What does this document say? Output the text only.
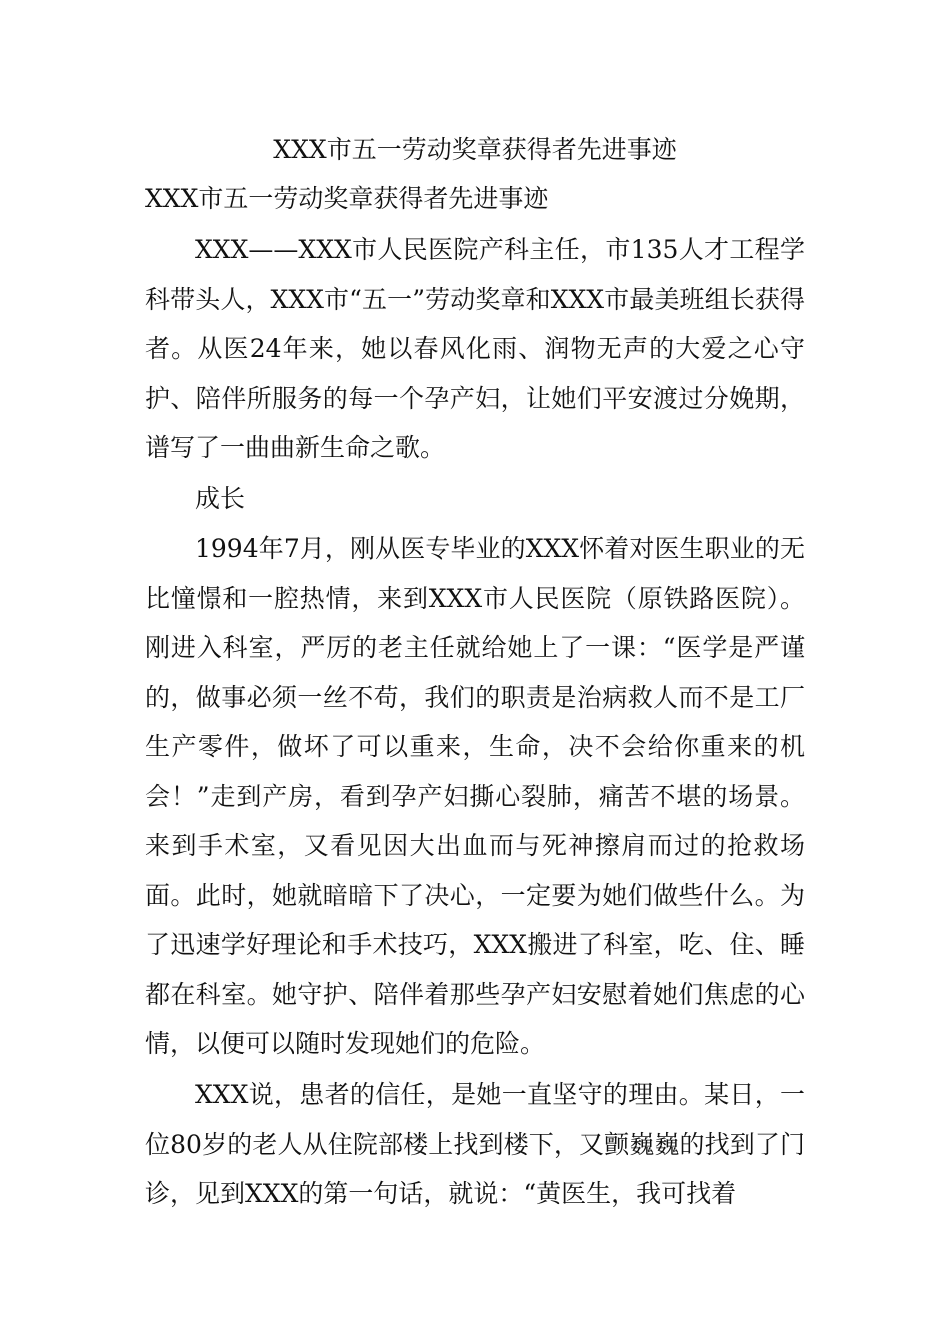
XXX市五一劳动奖章获得者先进事迹
XXX市五一劳动奖章获得者先进事迹

XXX——XXX市人民医院产科主任，市135人才工程学科带头人，XXX市“五一”劳动奖章和XXX市最美班组长获得者。从医24年来，她以春风化雨、润物无声的大爱之心守护、陪伴所服务的每一个孕产妇，让她们平安渡过分娩期，谱写了一曲曲新生命之歌。

成长

1994年7月，刚从医专毕业的XXX怀着对医生职业的无比憧憬和一腔热情，来到XXX市人民医院（原铁路医院）。刚进入科室，严厉的老主任就给她上了一课：“医学是严谨的，做事必须一丝不苟，我们的职责是治病救人而不是工厂生产零件，做坏了可以重来，生命，决不会给你重来的机会！”走到产房，看到孕产妇撕心裂肺，痛苦不堪的场景。来到手术室，又看见因大出血而与死神擦肩而过的抢救场面。此时，她就暗暗下了决心，一定要为她们做些什么。为了迅速学好理论和手术技巧，XXX搬进了科室，吃、住、睡都在科室。她守护、陪伴着那些孕产妇安慰着她们焦虑的心情，以便可以随时发现她们的危险。

XXX说，患者的信任，是她一直坚守的理由。某日，一位80岁的老人从住院部楼上找到楼下，又颤巍巍的找到了门诊，见到XXX的第一句话，就说：“黄医生，我可找着
